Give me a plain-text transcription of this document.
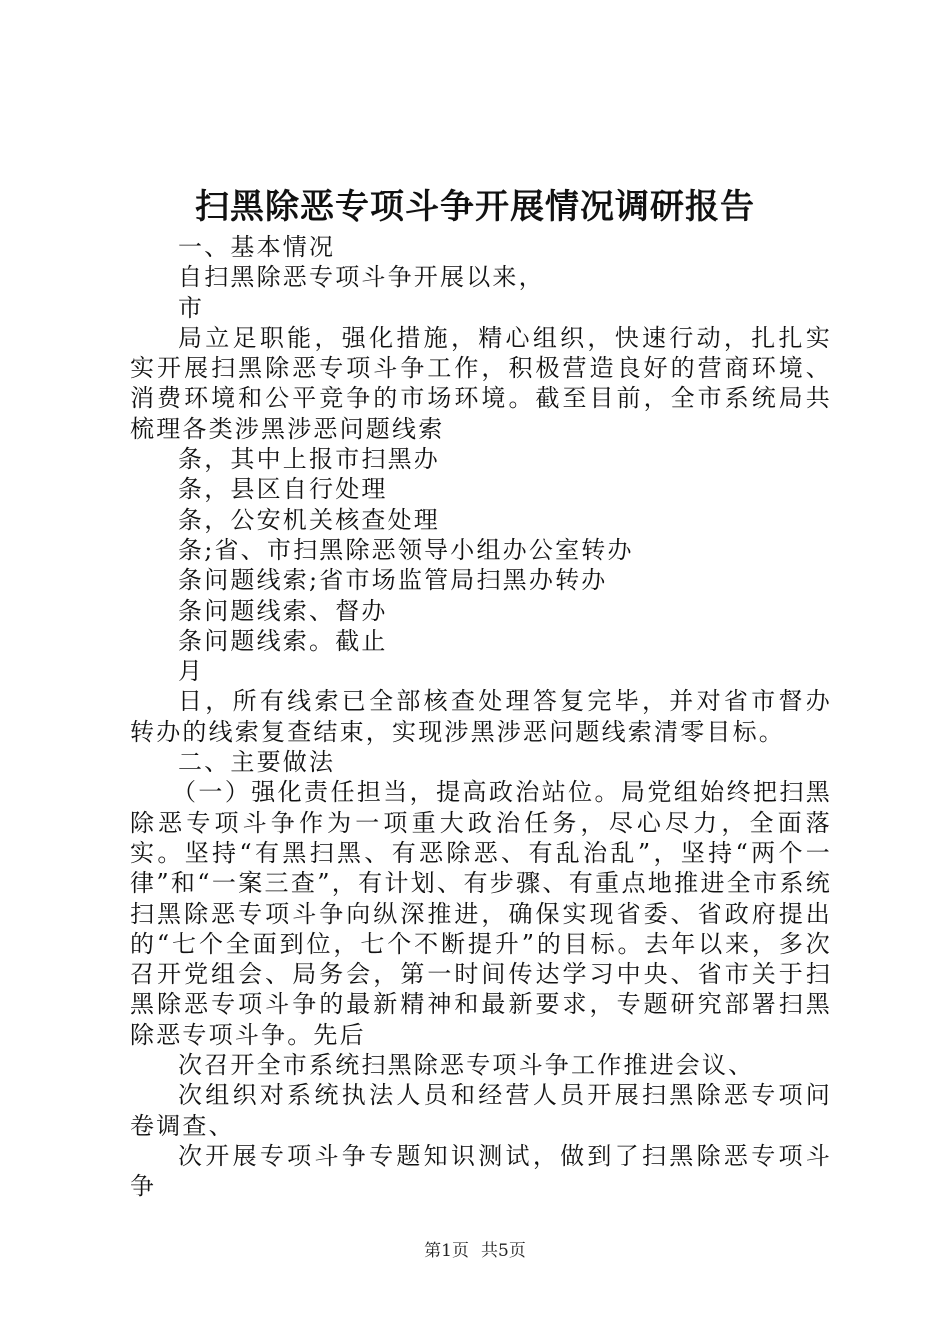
扫黑除恶专项斗争开展情况调研报告

一、基本情况

自扫黑除恶专项斗争开展以来，

市

局立足职能，强化措施，精心组织，快速行动，扎扎实实开展扫黑除恶专项斗争工作，积极营造良好的营商环境、消费环境和公平竞争的市场环境。截至目前，全市系统局共梳理各类涉黑涉恶问题线索

条，其中上报市扫黑办

条，县区自行处理

条，公安机关核查处理

条;省、市扫黑除恶领导小组办公室转办

条问题线索;省市场监管局扫黑办转办

条问题线索、督办

条问题线索。截止

月

日，所有线索已全部核查处理答复完毕，并对省市督办转办的线索复查结束，实现涉黑涉恶问题线索清零目标。

二、主要做法

（一）强化责任担当，提高政治站位。局党组始终把扫黑除恶专项斗争作为一项重大政治任务，尽心尽力，全面落实。坚持“有黑扫黑、有恶除恶、有乱治乱”，坚持“两个一律”和“一案三查”，有计划、有步骤、有重点地推进全市系统扫黑除恶专项斗争向纵深推进，确保实现省委、省政府提出的“七个全面到位，七个不断提升”的目标。去年以来，多次召开党组会、局务会，第一时间传达学习中央、省市关于扫黑除恶专项斗争的最新精神和最新要求，专题研究部署扫黑除恶专项斗争。先后

次召开全市系统扫黑除恶专项斗争工作推进会议、

次组织对系统执法人员和经营人员开展扫黑除恶专项问卷调查、

次开展专项斗争专题知识测试，做到了扫黑除恶专项斗争

第1页 共5页
